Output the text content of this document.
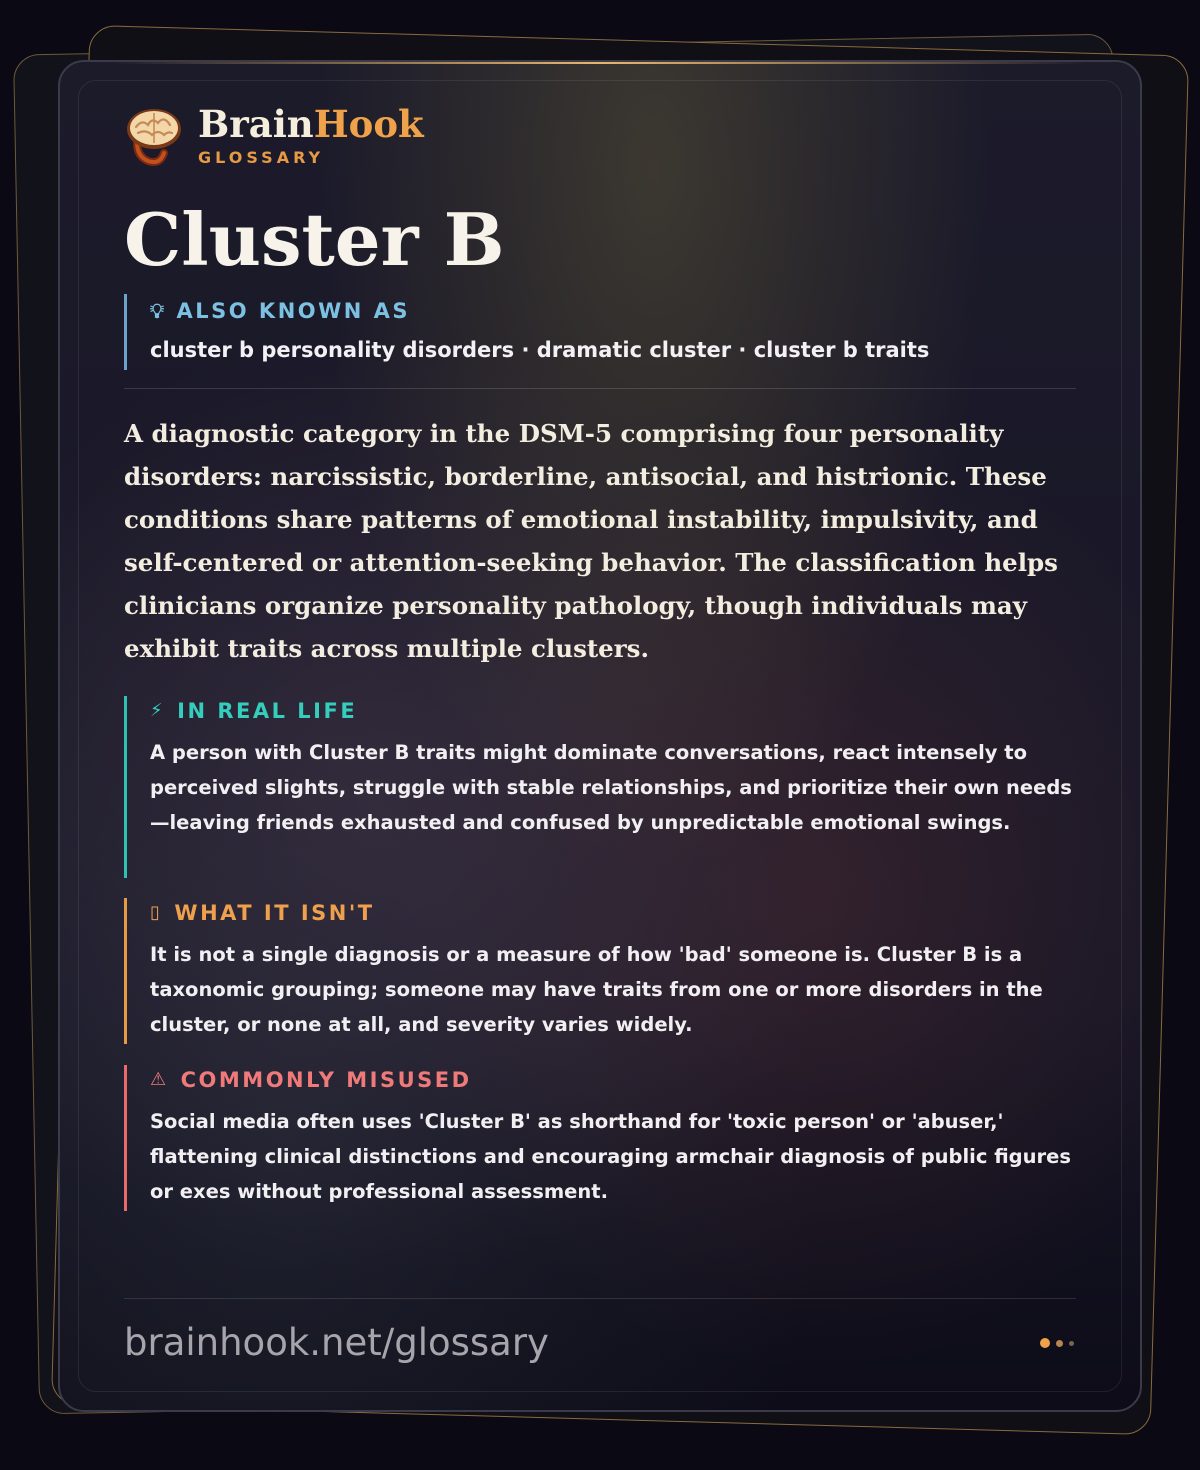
BrainHook
GLOSSARY
Cluster B
💡︎ ALSO KNOWN AS
cluster b personality disorders · dramatic cluster · cluster b traits
A diagnostic category in the DSM-5 comprising four personality disorders: narcissistic, borderline, antisocial, and histrionic. These conditions share patterns of emotional instability, impulsivity, and self-centered or attention-seeking behavior. The classification helps clinicians organize personality pathology, though individuals may exhibit traits across multiple clusters.
⚡ IN REAL LIFE
A person with Cluster B traits might dominate conversations, react intensely to perceived slights, struggle with stable relationships, and prioritize their own needs—leaving friends exhausted and confused by unpredictable emotional swings.
▯ WHAT IT ISN'T
It is not a single diagnosis or a measure of how 'bad' someone is. Cluster B is a taxonomic grouping; someone may have traits from one or more disorders in the cluster, or none at all, and severity varies widely.
⚠ COMMONLY MISUSED
Social media often uses 'Cluster B' as shorthand for 'toxic person' or 'abuser,' flattening clinical distinctions and encouraging armchair diagnosis of public figures or exes without professional assessment.
brainhook.net/glossary
